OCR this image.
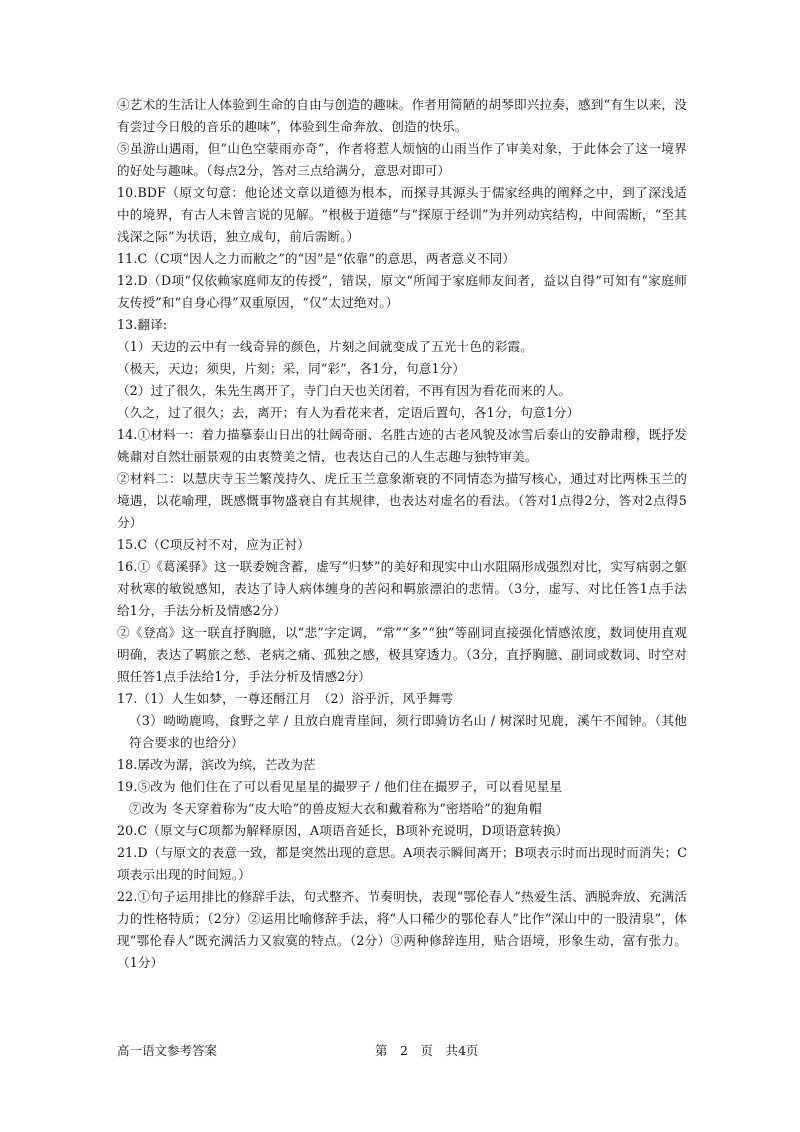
④艺术的生活让人体验到生命的自由与创造的趣味。作者用简陋的胡琴即兴拉奏，感到“有生以来，没有尝过今日般的音乐的趣味”，体验到生命奔放、创造的快乐。

⑤虽游山遇雨，但“山色空蒙雨亦奇”，作者将惹人烦恼的山雨当作了审美对象，于此体会了这一境界的好处与趣味。（每点2分，答对三点给满分，意思对即可）

10.BDF（原文句意：他论述文章以道德为根本，而探寻其源头于儒家经典的阐释之中，到了深浅适中的境界，有古人未曾言说的见解。“根极于道德”与“探原于经训”为并列动宾结构，中间需断，“至其浅深之际”为状语，独立成句，前后需断。）

11.C（C项“因人之力而敝之”的“因”是“依靠”的意思，两者意义不同）

12.D（D项“仅依赖家庭师友的传授”，错误，原文“所闻于家庭师友间者，益以自得”可知有“家庭师友传授”和“自身心得”双重原因，“仅”太过绝对。）

13.翻译:

（1）天边的云中有一线奇异的颜色，片刻之间就变成了五光十色的彩霞。

（极天，天边；须臾，片刻；采，同“彩”，各1分，句意1分）

（2）过了很久，朱先生离开了，寺门白天也关闭着，不再有因为看花而来的人。

（久之，过了很久；去，离开；有人为看花来者，定语后置句，各1分，句意1分）

14.①材料一：着力描摹泰山日出的壮阔奇丽、名胜古迹的古老风貌及冰雪后泰山的安静肃穆，既抒发姚鼐对自然壮丽景观的由衷赞美之情，也表达自己的人生志趣与独特审美。

②材料二：以慧庆寺玉兰繁茂持久、虎丘玉兰意象渐衰的不同情态为描写核心，通过对比两株玉兰的境遇，以花喻理，既感慨事物盛衰自有其规律，也表达对虚名的看法。（答对1点得2分，答对2点得5分）

15.C（C项反衬不对，应为正衬）

16.①《葛溪驿》这一联委婉含蓄，虚写“归梦”的美好和现实中山水阻隔形成强烈对比，实写病弱之躯对秋寒的敏锐感知，表达了诗人病体缠身的苦闷和羁旅漂泊的悲情。（3分，虚写、对比任答1点手法给1分，手法分析及情感2分）

②《登高》这一联直抒胸臆，以“悲”字定调，“常”“多”“独”等副词直接强化情感浓度，数词使用直观明确，表达了羁旅之愁、老病之痛、孤独之感，极具穿透力。（3分，直抒胸臆、副词或数词、时空对照任答1点手法给1分，手法分析及情感2分）

17.（1）人生如梦，一尊还酹江月　（2）浴乎沂，风乎舞雩

（3）呦呦鹿鸣，食野之苹 / 且放白鹿青崖间，须行即骑访名山 / 树深时见鹿，溪午不闻钟。（其他符合要求的也给分）

18.孱改为潺，滨改为缤，芒改为茫

19.⑤改为 他们住在了可以看见星星的撮罗子 / 他们住在撮罗子，可以看见星星

⑦改为 冬天穿着称为“皮大哈”的兽皮短大衣和戴着称为“密塔哈”的狍角帽

20.C（原文与C项都为解释原因，A项语音延长，B项补充说明，D项语意转换）

21.D（与原文的表意一致，都是突然出现的意思。A项表示瞬间离开；B项表示时而出现时而消失；C项表示出现的时间短。）

22.①句子运用排比的修辞手法，句式整齐、节奏明快，表现“鄂伦春人”热爱生活、洒脱奔放、充满活力的性格特质；（2分）②运用比喻修辞手法，将“人口稀少的鄂伦春人”比作“深山中的一股清泉”，体现“鄂伦春人”既充满活力又寂寞的特点。（2分）③两种修辞连用，贴合语境，形象生动，富有张力。（1分）

高一语文参考答案	第　2　页　共4页
